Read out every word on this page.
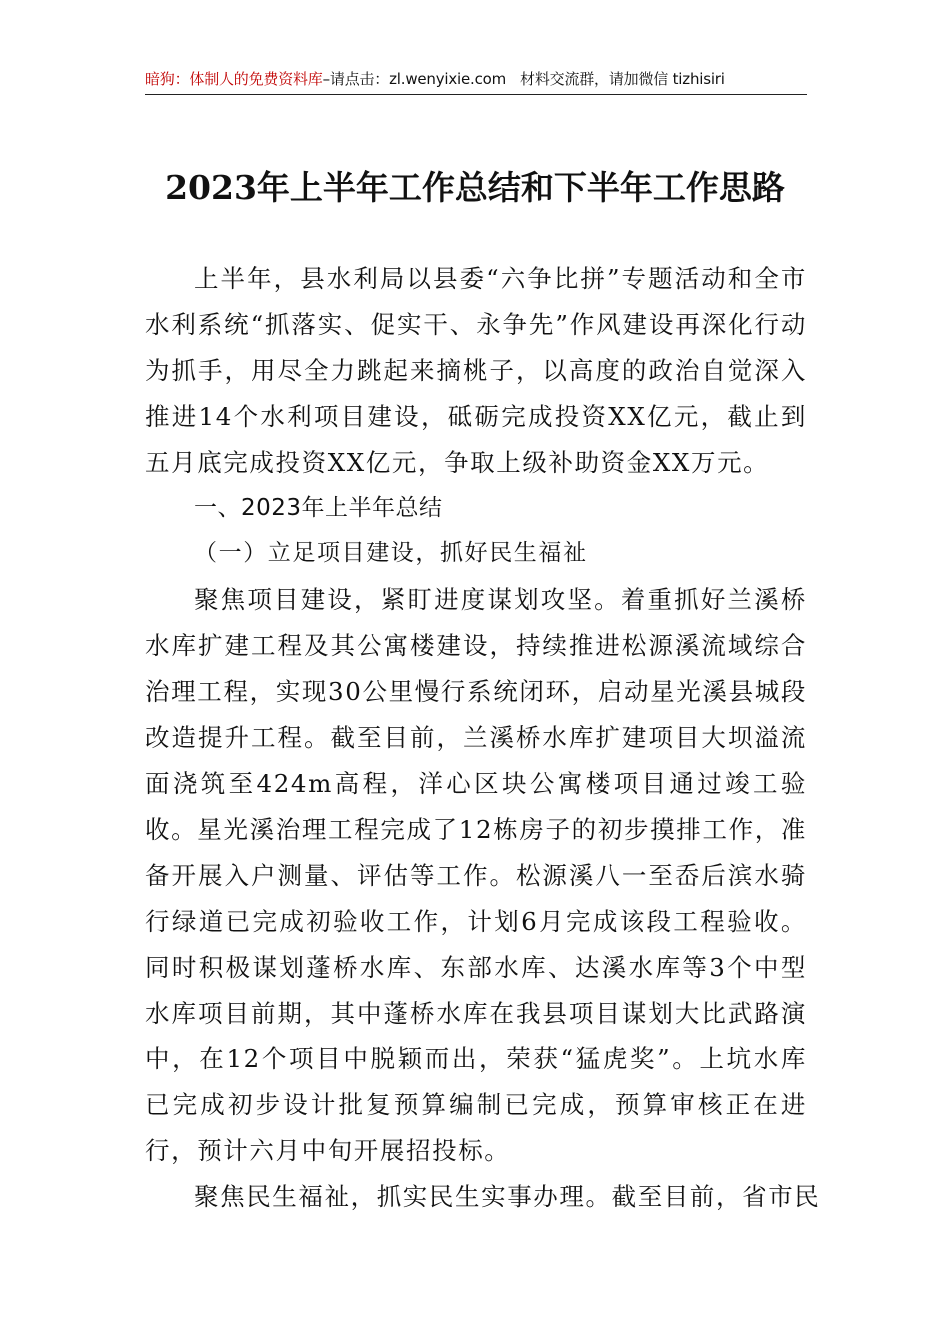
暗狗：体制人的免费资料库–请点击：zl.wenyixie.com 材料交流群，请加微信 tizhisiri
2023年上半年工作总结和下半年工作思路

上半年，县水利局以县委“六争比拼”专题活动和全市水利系统“抓落实、促实干、永争先”作风建设再深化行动为抓手，用尽全力跳起来摘桃子，以高度的政治自觉深入推进14个水利项目建设，砥砺完成投资XX亿元，截止到五月底完成投资XX亿元，争取上级补助资金XX万元。

一、2023年上半年总结

（一）立足项目建设，抓好民生福祉

聚焦项目建设，紧盯进度谋划攻坚。着重抓好兰溪桥水库扩建工程及其公寓楼建设，持续推进松源溪流域综合治理工程，实现30公里慢行系统闭环，启动星光溪县城段改造提升工程。截至目前，兰溪桥水库扩建项目大坝溢流面浇筑至424m高程，洋心区块公寓楼项目通过竣工验收。星光溪治理工程完成了12栋房子的初步摸排工作，准备开展入户测量、评估等工作。松源溪八一至岙后滨水骑行绿道已完成初验收工作，计划6月完成该段工程验收。同时积极谋划蓬桥水库、东部水库、达溪水库等3个中型水库项目前期，其中蓬桥水库在我县项目谋划大比武路演中，在12个项目中脱颖而出，荣获“猛虎奖”。上坑水库已完成初步设计批复预算编制已完成，预算审核正在进行，预计六月中旬开展招投标。

聚焦民生福祉，抓实民生实事办理。截至目前，省市民
